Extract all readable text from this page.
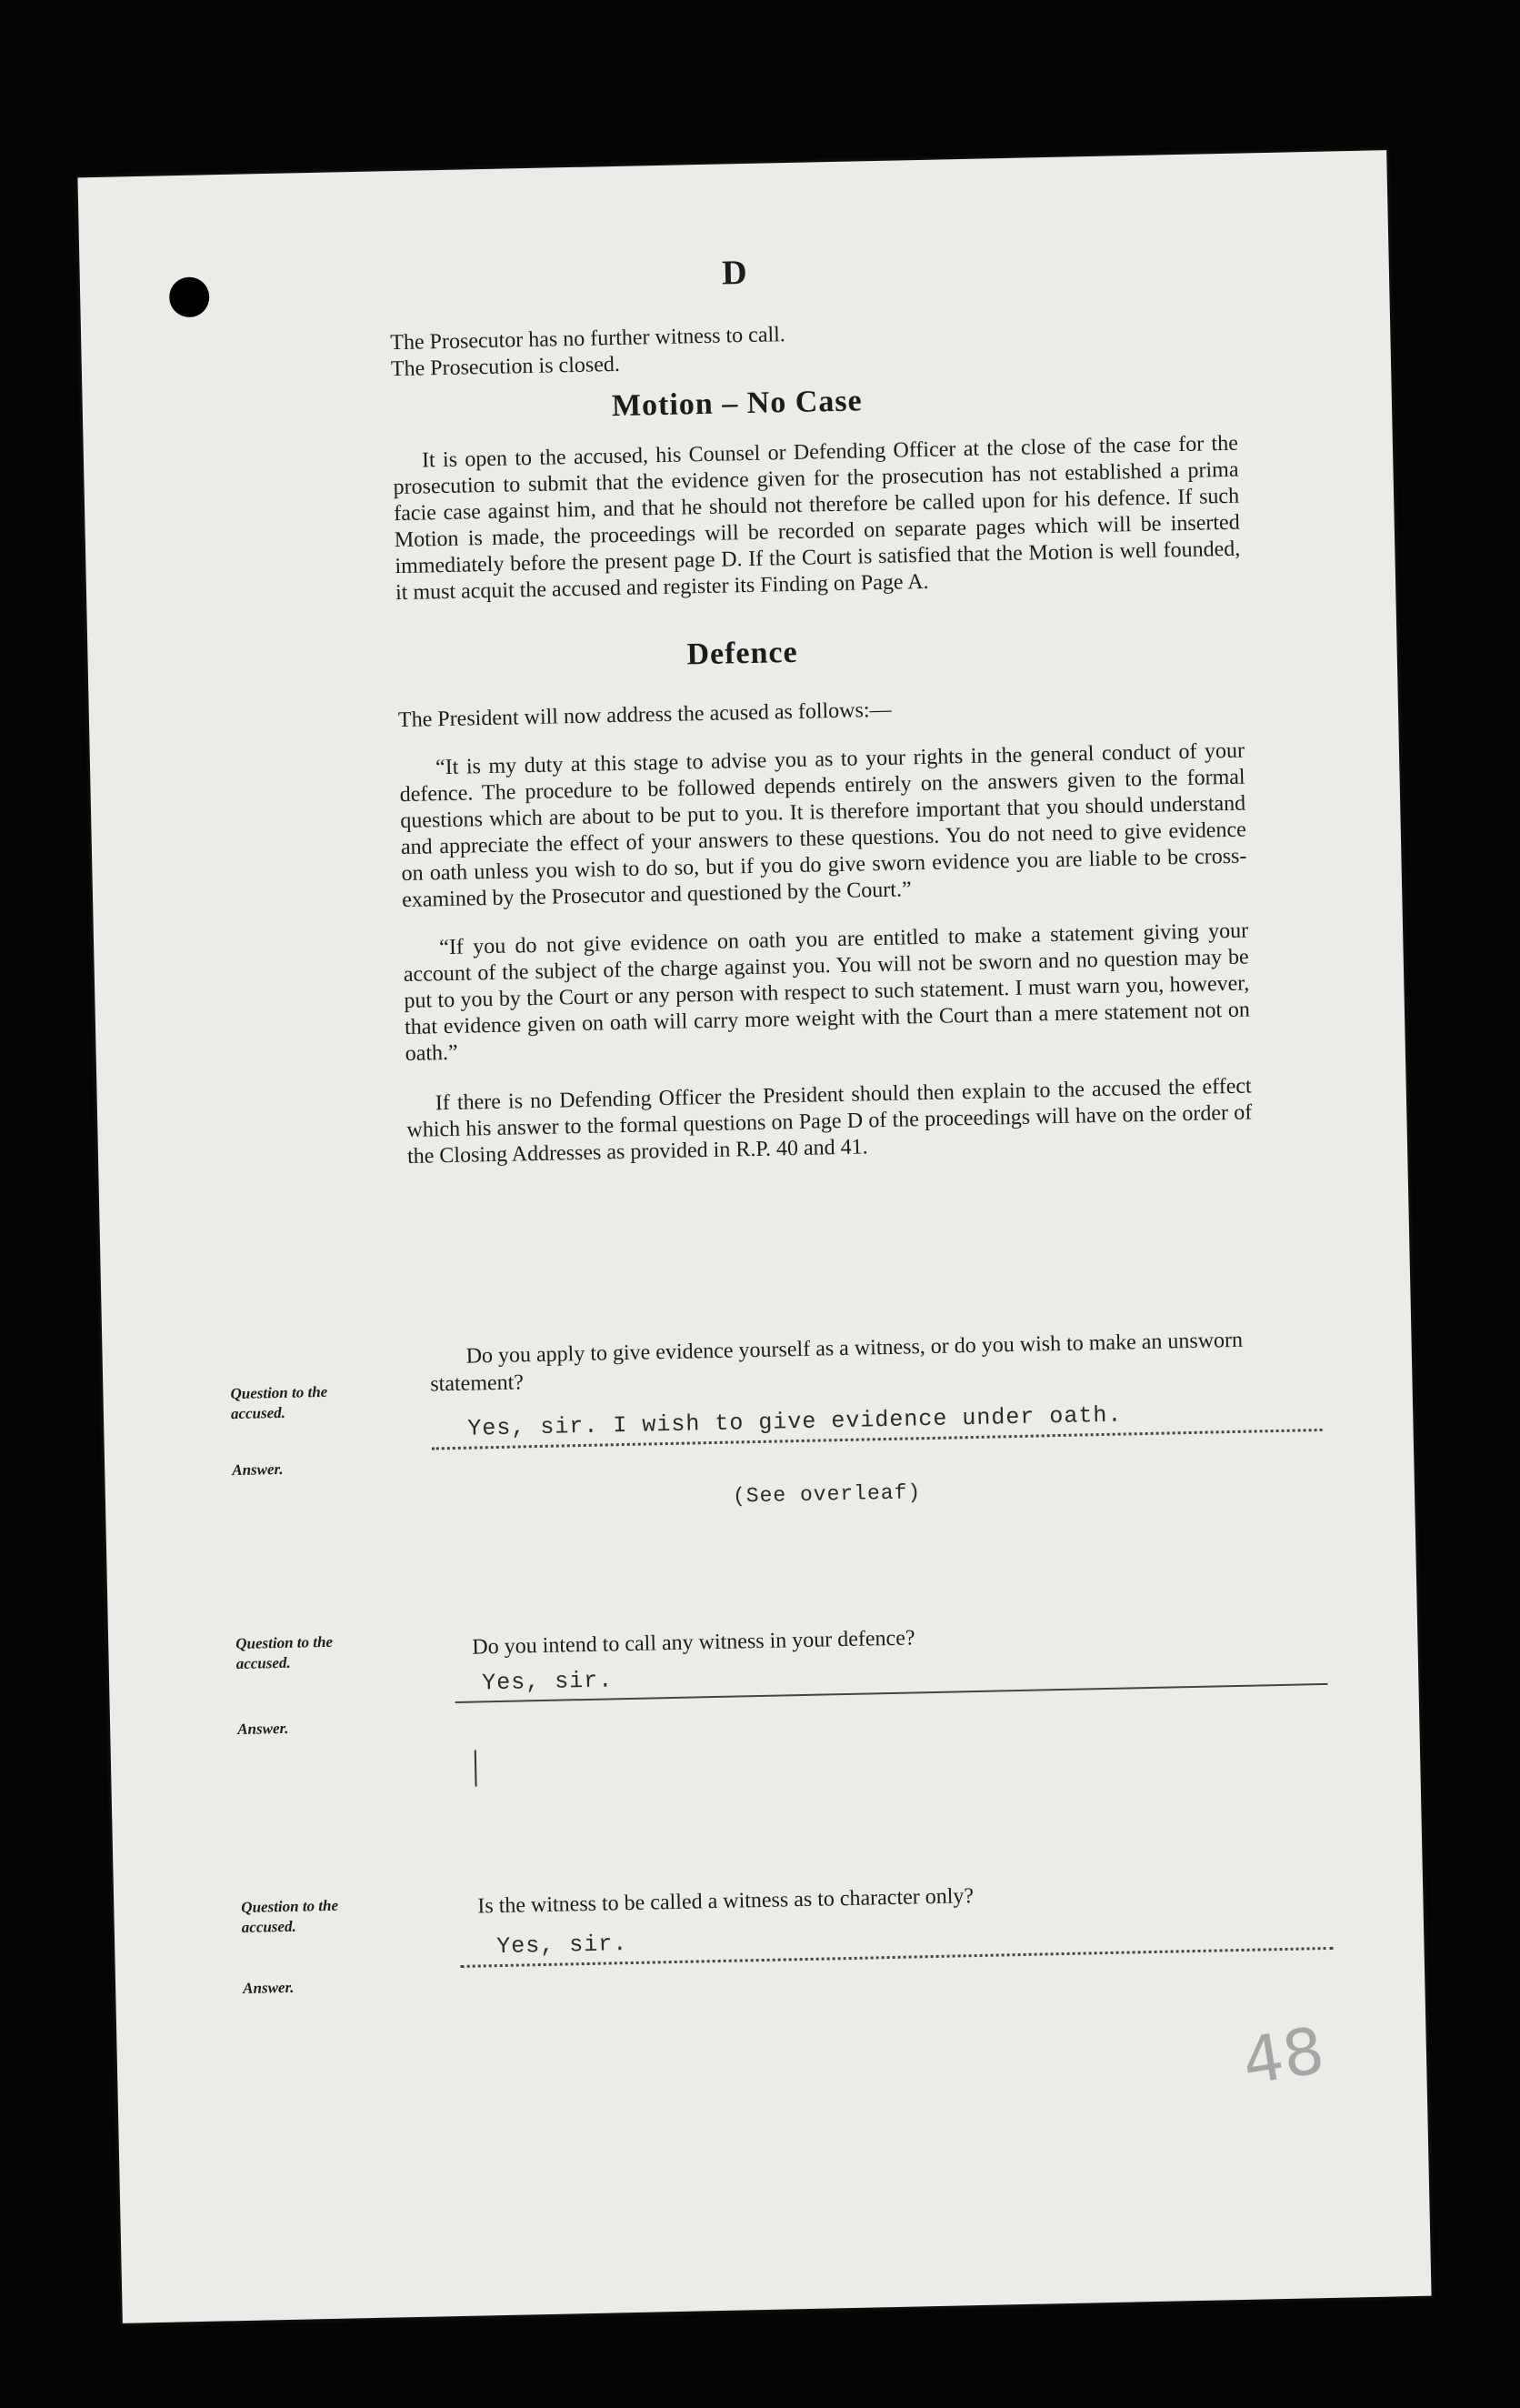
D

The Prosecutor has no further witness to call.

The Prosecution is closed.

Motion – No Case

It is open to the accused, his Counsel or Defending Officer at the close of the case for the prosecution to submit that the evidence given for the prosecution has not established a prima facie case against him, and that he should not therefore be called upon for his defence. If such Motion is made, the proceedings will be recorded on separate pages which will be inserted immediately before the present page D. If the Court is satisfied that the Motion is well founded, it must acquit the accused and register its Finding on Page A.

Defence

The President will now address the acused as follows:—

“It is my duty at this stage to advise you as to your rights in the general conduct of your defence. The procedure to be followed depends entirely on the answers given to the formal questions which are about to be put to you. It is therefore important that you should understand and appreciate the effect of your answers to these questions. You do not need to give evidence on oath unless you wish to do so, but if you do give sworn evidence you are liable to be cross-examined by the Prosecutor and questioned by the Court.”

“If you do not give evidence on oath you are entitled to make a statement giving your account of the subject of the charge against you. You will not be sworn and no question may be put to you by the Court or any person with respect to such statement. I must warn you, however, that evidence given on oath will carry more weight with the Court than a mere statement not on oath.”

If there is no Defending Officer the President should then explain to the accused the effect which his answer to the formal questions on Page D of the proceedings will have on the order of the Closing Addresses as provided in R.P. 40 and 41.

Do you apply to give evidence yourself as a witness, or do you wish to make an unsworn statement?
Question to the accused.	Yes, sir. I wish to give evidence under oath.
Answer.
(See overleaf)
Question to the accused.
Do you intend to call any witness in your defence?
Yes, sir.
Answer.
Question to the accused.
Is the witness to be called a witness as to character only?
Yes, sir.
Answer.
48
